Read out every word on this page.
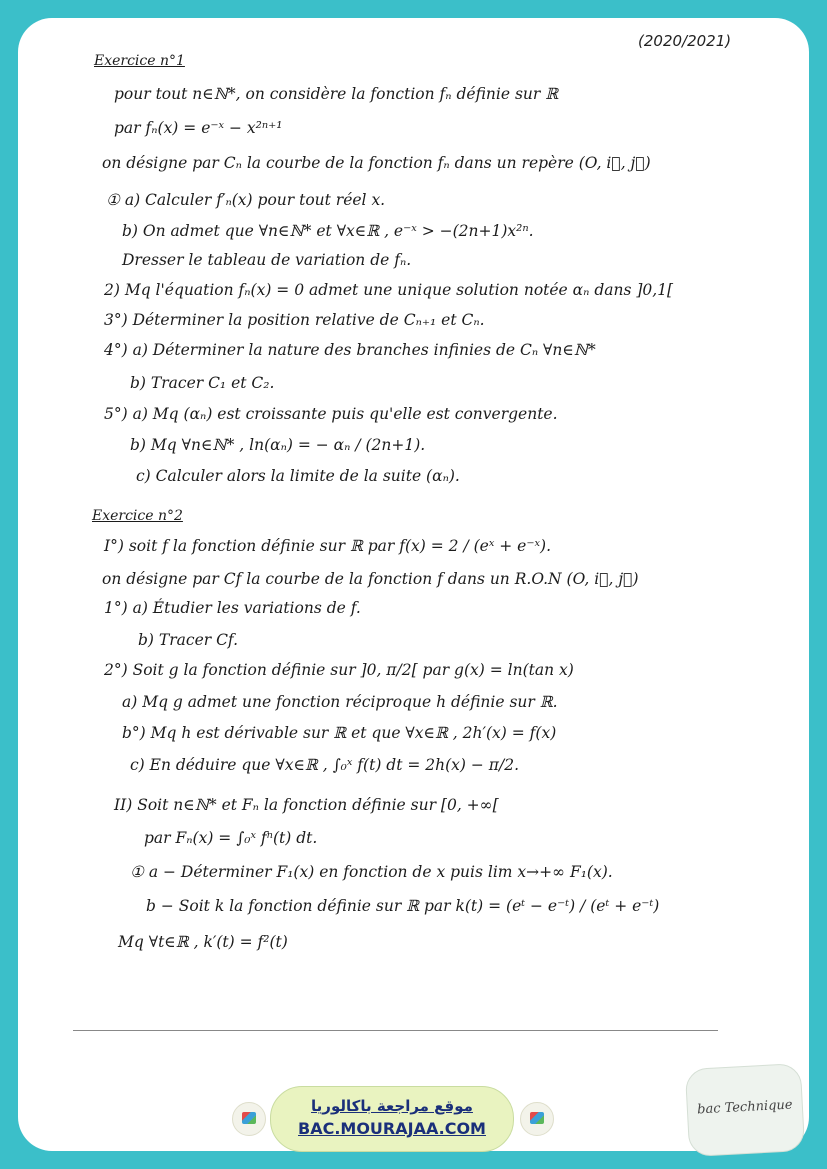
(2020/2021)
Exercice n°1
pour tout n∈ℕ*, on considère la fonction fₙ définie sur ℝ
par fₙ(x) = e⁻ˣ − x²ⁿ⁺¹
on désigne par Cₙ la courbe de la fonction fₙ dans un repère (O, i⃗, j⃗)
① a) Calculer f′ₙ(x) pour tout réel x.
b) On admet que ∀n∈ℕ* et ∀x∈ℝ , e⁻ˣ > −(2n+1)x²ⁿ.
Dresser le tableau de variation de fₙ.
2) Mq l'équation fₙ(x) = 0 admet une unique solution notée αₙ dans ]0,1[
3°) Déterminer la position relative de Cₙ₊₁ et Cₙ.
4°) a) Déterminer la nature des branches infinies de Cₙ ∀n∈ℕ*
b) Tracer C₁ et C₂.
5°) a) Mq (αₙ) est croissante puis qu'elle est convergente.
b) Mq ∀n∈ℕ* , ln(αₙ) = − αₙ / (2n+1).
c) Calculer alors la limite de la suite (αₙ).
Exercice n°2
I°) soit f la fonction définie sur ℝ par f(x) = 2 / (eˣ + e⁻ˣ).
on désigne par Cf la courbe de la fonction f dans un R.O.N (O, i⃗, j⃗)
1°) a) Étudier les variations de f.
b) Tracer Cf.
2°) Soit g la fonction définie sur ]0, π/2[ par g(x) = ln(tan x)
a) Mq g admet une fonction réciproque h définie sur ℝ.
b°) Mq h est dérivable sur ℝ et que ∀x∈ℝ , 2h′(x) = f(x)
c) En déduire que ∀x∈ℝ , ∫₀ˣ f(t) dt = 2h(x) − π/2.
II) Soit n∈ℕ* et Fₙ la fonction définie sur [0, +∞[
par Fₙ(x) = ∫₀ˣ fⁿ(t) dt.
① a − Déterminer F₁(x) en fonction de x puis lim x→+∞ F₁(x).
b − Soit k la fonction définie sur ℝ par k(t) = (eᵗ − e⁻ᵗ) / (eᵗ + e⁻ᵗ)
Mq ∀t∈ℝ , k′(t) = f²(t)
موقع مراجعة باكالوريا
BAC.MOURAJAA.COM
bac Technique
